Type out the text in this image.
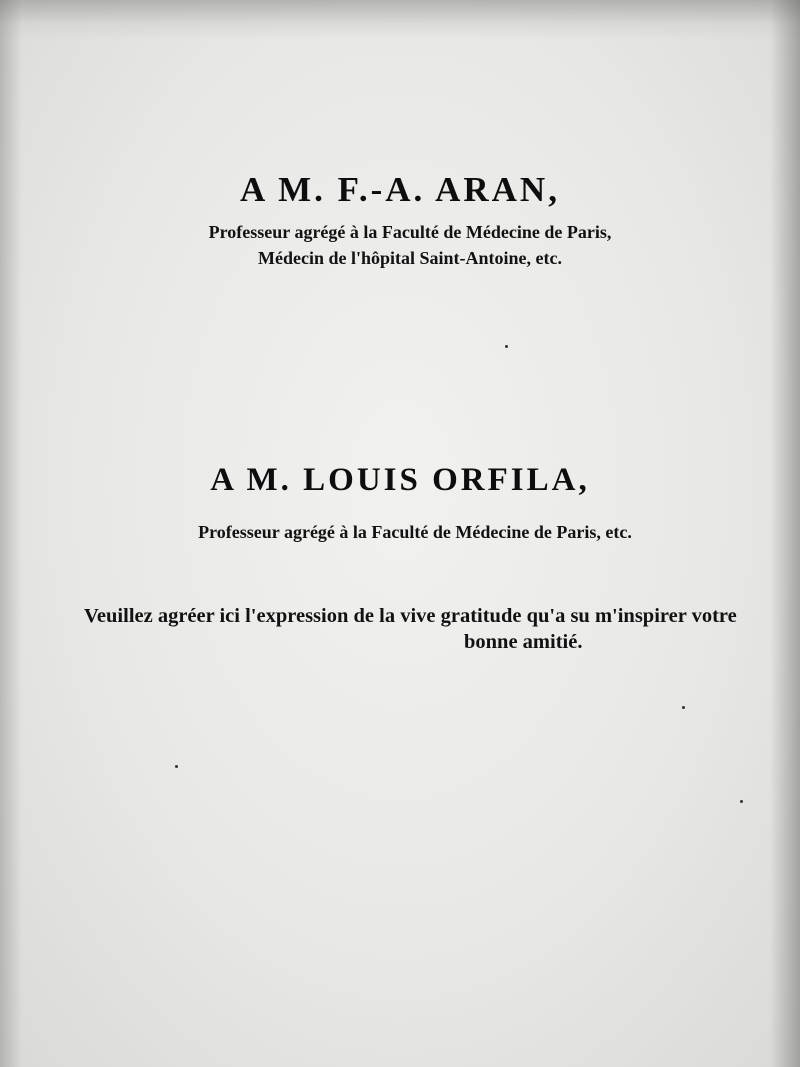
A M. F.-A. ARAN,
Professeur agrégé à la Faculté de Médecine de Paris,
Médecin de l'hôpital Saint-Antoine, etc.
A M. LOUIS ORFILA,
Professeur agrégé à la Faculté de Médecine de Paris, etc.
Veuillez agréer ici l'expression de la vive gratitude qu'a su m'inspirer votre
bonne amitié.
